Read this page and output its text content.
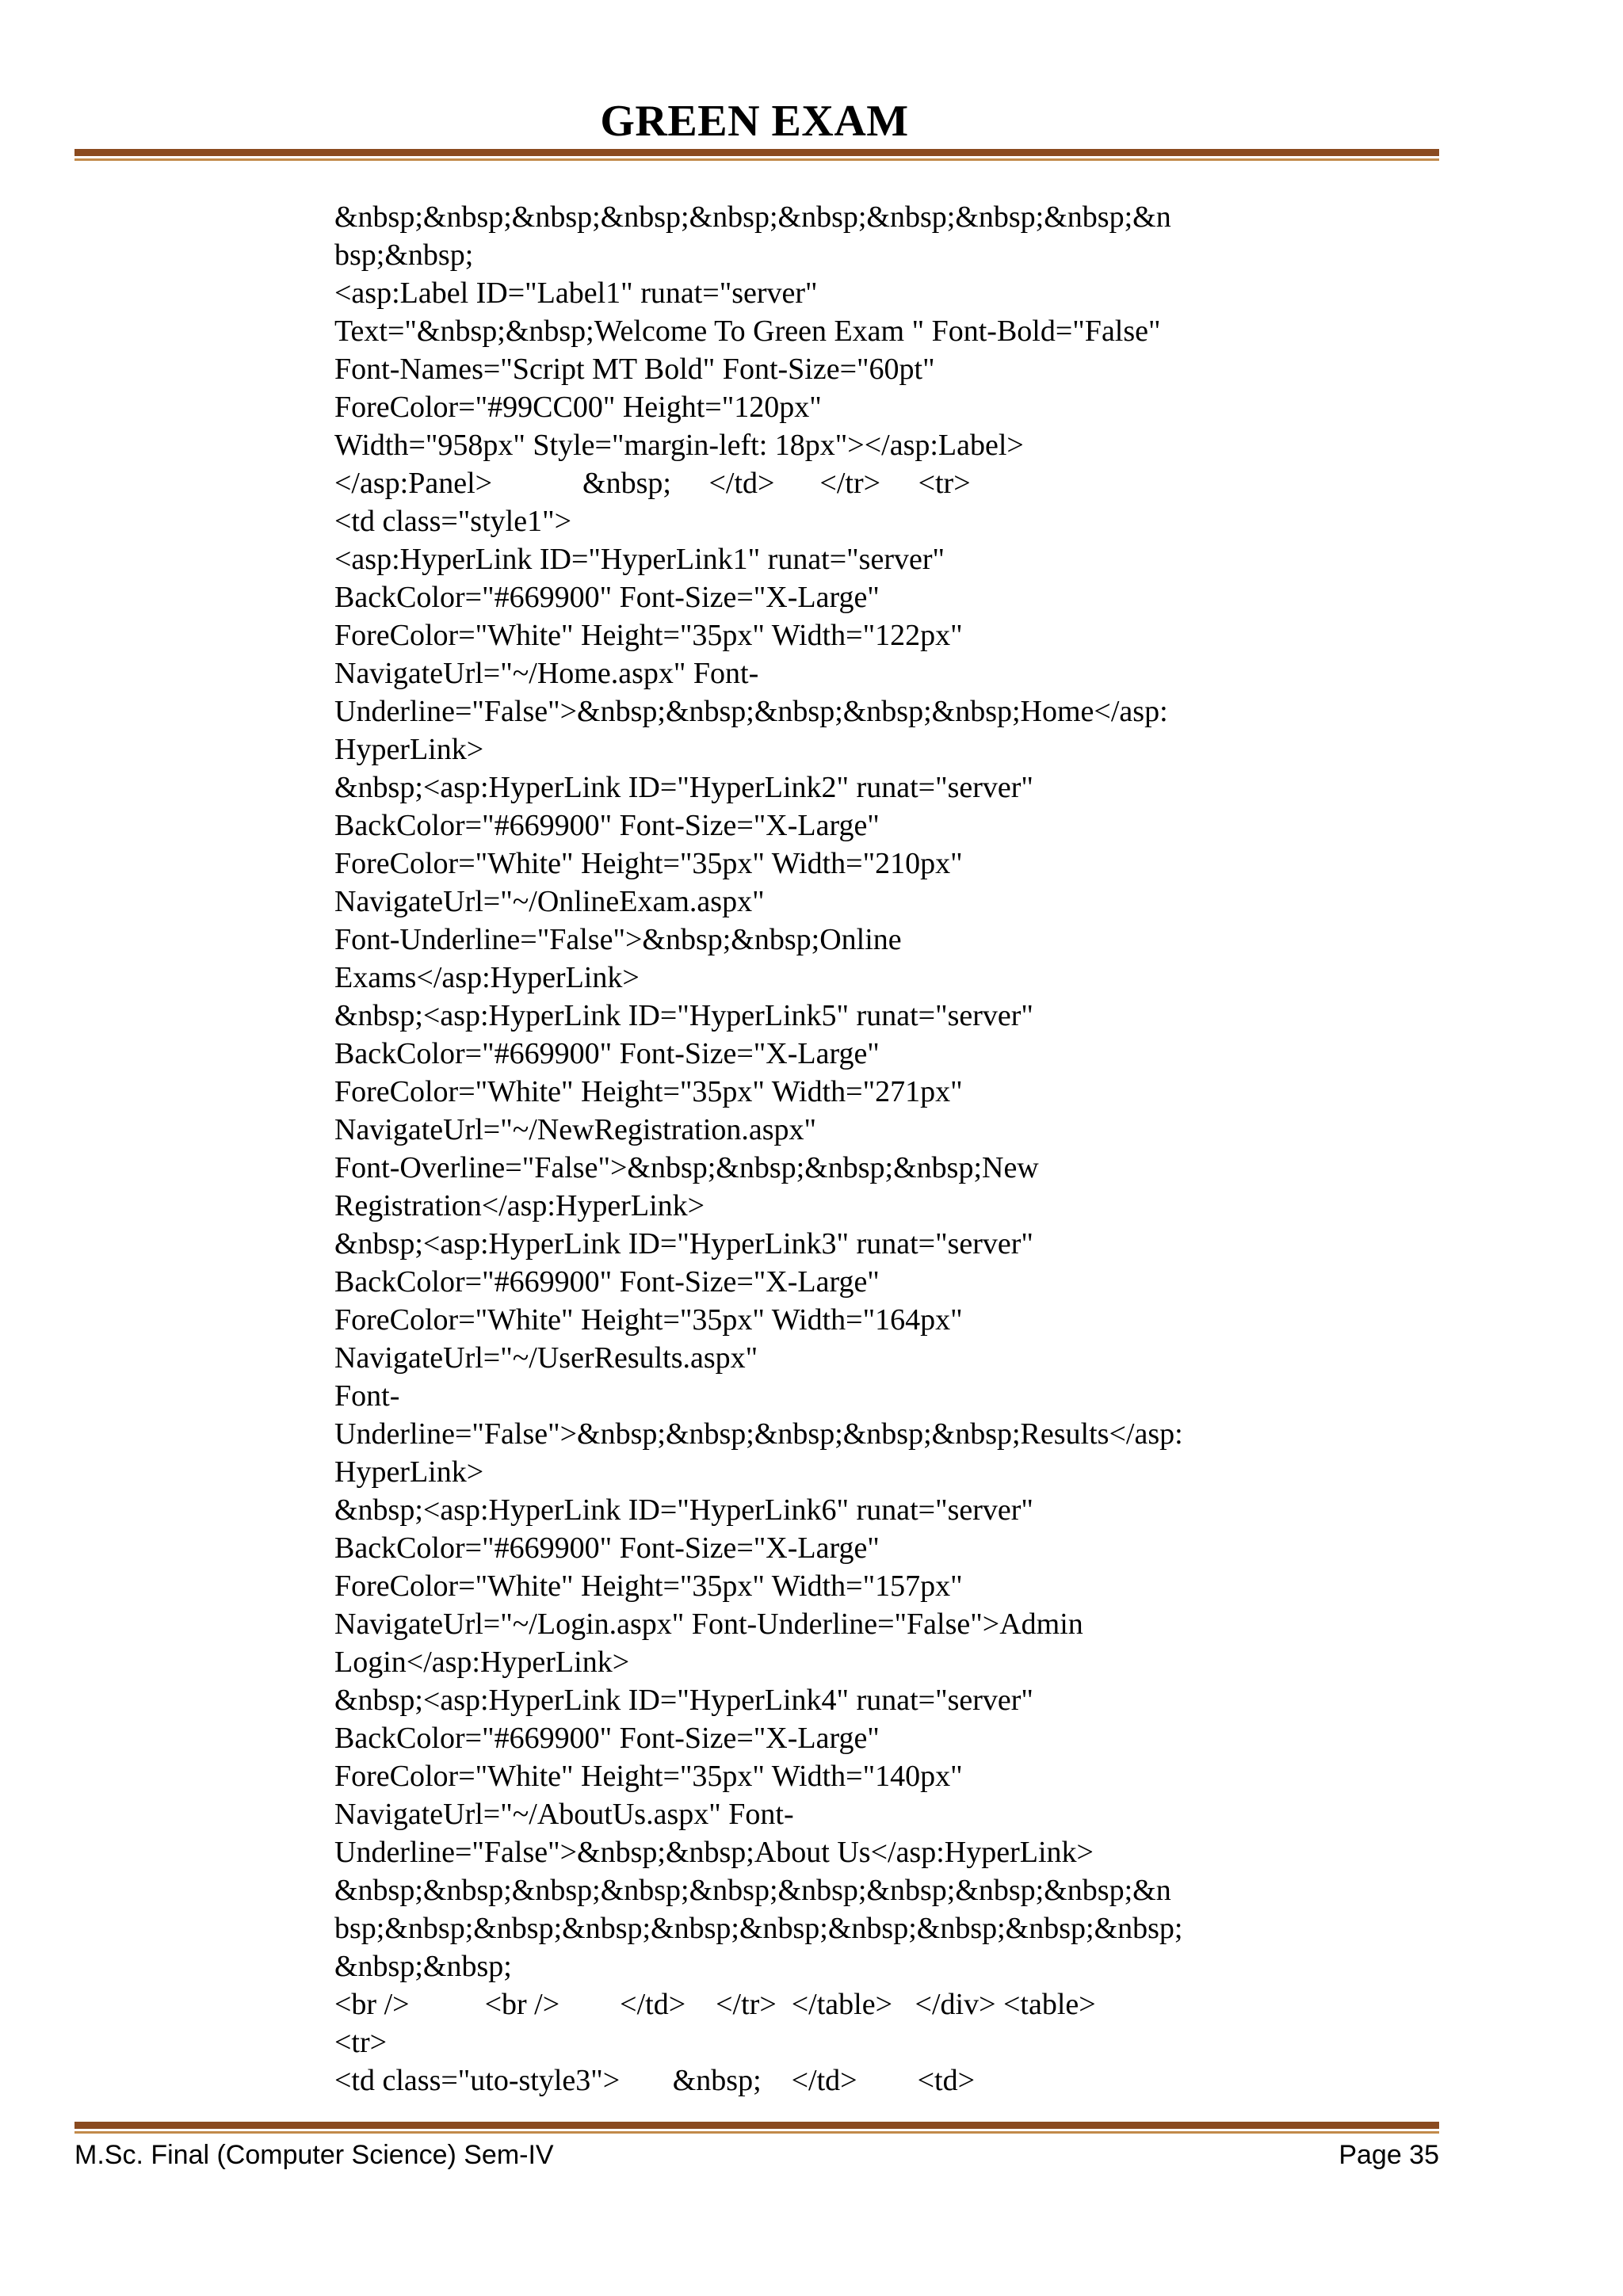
GREEN EXAM
&nbsp;&nbsp;&nbsp;&nbsp;&nbsp;&nbsp;&nbsp;&nbsp;&nbsp;&n
bsp;&nbsp;
<asp:Label ID="Label1" runat="server"
Text="&nbsp;&nbsp;Welcome To Green Exam " Font-Bold="False"
Font-Names="Script MT Bold" Font-Size="60pt"
ForeColor="#99CC00" Height="120px"
Width="958px" Style="margin-left: 18px"></asp:Label>
</asp:Panel>            &nbsp;     </td>      </tr>     <tr>
<td class="style1">
<asp:HyperLink ID="HyperLink1" runat="server"
BackColor="#669900" Font-Size="X-Large"
ForeColor="White" Height="35px" Width="122px"
NavigateUrl="~/Home.aspx" Font-
Underline="False">&nbsp;&nbsp;&nbsp;&nbsp;&nbsp;Home</asp:
HyperLink>
&nbsp;<asp:HyperLink ID="HyperLink2" runat="server"
BackColor="#669900" Font-Size="X-Large"
ForeColor="White" Height="35px" Width="210px"
NavigateUrl="~/OnlineExam.aspx"
Font-Underline="False">&nbsp;&nbsp;Online
Exams</asp:HyperLink>
&nbsp;<asp:HyperLink ID="HyperLink5" runat="server"
BackColor="#669900" Font-Size="X-Large"
ForeColor="White" Height="35px" Width="271px"
NavigateUrl="~/NewRegistration.aspx"
Font-Overline="False">&nbsp;&nbsp;&nbsp;&nbsp;New
Registration</asp:HyperLink>
&nbsp;<asp:HyperLink ID="HyperLink3" runat="server"
BackColor="#669900" Font-Size="X-Large"
ForeColor="White" Height="35px" Width="164px"
NavigateUrl="~/UserResults.aspx"
Font-
Underline="False">&nbsp;&nbsp;&nbsp;&nbsp;&nbsp;Results</asp:
HyperLink>
&nbsp;<asp:HyperLink ID="HyperLink6" runat="server"
BackColor="#669900" Font-Size="X-Large"
ForeColor="White" Height="35px" Width="157px"
NavigateUrl="~/Login.aspx" Font-Underline="False">Admin
Login</asp:HyperLink>
&nbsp;<asp:HyperLink ID="HyperLink4" runat="server"
BackColor="#669900" Font-Size="X-Large"
ForeColor="White" Height="35px" Width="140px"
NavigateUrl="~/AboutUs.aspx" Font-
Underline="False">&nbsp;&nbsp;About Us</asp:HyperLink>
&nbsp;&nbsp;&nbsp;&nbsp;&nbsp;&nbsp;&nbsp;&nbsp;&nbsp;&n
bsp;&nbsp;&nbsp;&nbsp;&nbsp;&nbsp;&nbsp;&nbsp;&nbsp;&nbsp;
&nbsp;&nbsp;
<br />          <br />        </td>    </tr>  </table>   </div> <table>
<tr>
<td class="uto-style3">       &nbsp;    </td>        <td>
M.Sc. Final (Computer Science) Sem-IV	Page 35
